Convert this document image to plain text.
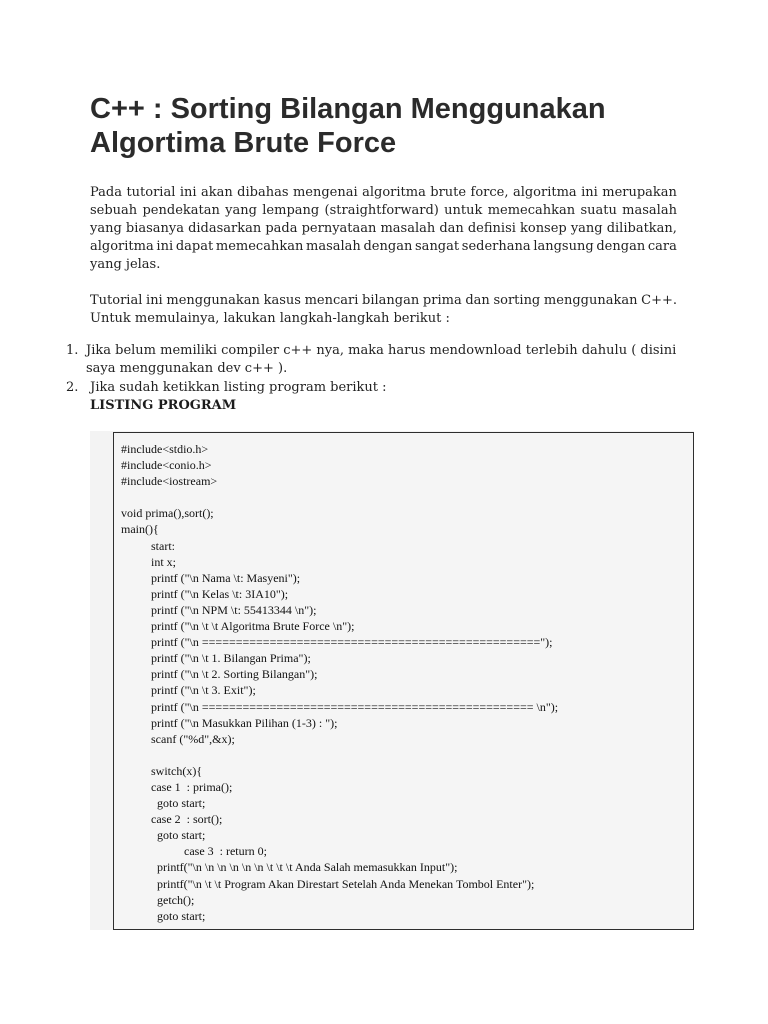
C++ : Sorting Bilangan Menggunakan
Algortima Brute Force
Pada tutorial ini akan dibahas mengenai algoritma brute force, algoritma ini merupakan
sebuah pendekatan yang lempang (straightforward) untuk memecahkan suatu masalah
yang biasanya didasarkan pada pernyataan masalah dan definisi konsep yang dilibatkan,
algoritma ini dapat memecahkan masalah dengan sangat sederhana langsung dengan cara
yang jelas.
Tutorial ini menggunakan kasus mencari bilangan prima dan sorting menggunakan C++.
Untuk memulainya, lakukan langkah-langkah berikut :
1. Jika belum memiliki compiler c++ nya, maka harus mendownload terlebih dahulu ( disini
saya menggunakan dev c++ ).
2. Jika sudah ketikkan listing program berikut :
LISTING PROGRAM
#include<stdio.h>
#include<conio.h>
#include<iostream>
void prima(),sort();
main(){
start:
int x;
printf ("\n Nama \t: Masyeni");
printf ("\n Kelas \t: 3IA10");
printf ("\n NPM \t: 55413344 \n");
printf ("\n \t \t Algoritma Brute Force \n");
printf ("\n ==================================================");
printf ("\n \t 1. Bilangan Prima");
printf ("\n \t 2. Sorting Bilangan");
printf ("\n \t 3. Exit");
printf ("\n ================================================= \n");
printf ("\n Masukkan Pilihan (1-3) : ");
scanf ("%d",&x);
switch(x){
case 1  : prima();
goto start;
case 2  : sort();
goto start;
case 3  : return 0;
printf("\n \n \n \n \n \n \t \t \t Anda Salah memasukkan Input");
printf("\n \t \t Program Akan Direstart Setelah Anda Menekan Tombol Enter");
getch();
goto start;
